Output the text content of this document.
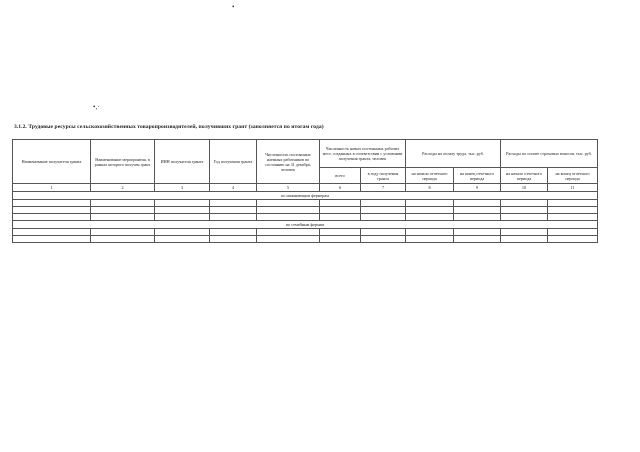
•
•,·
3.1.2. Трудовые ресурсы сельскохозяйственных товаропроизводителей, получивших грант (заполняется по итогам года)
Наименование получателя гранта	Наименование мероприятия, в рамках которого получен грант	ИНН получателя гранта	Год получения гранта	Численность постоянных наемных работников по состоянию на 31 декабря, человек	Численность новых постоянных рабочих мест, созданных в соответствии с условиями получения гранта, человек		Расходы на оплату труда, тыс. руб.		Расходы по оплате страховых взносов, тыс. руб.	
					всего	в году получения гранта	на начало отчетного периода	на конец отчетного периода	на начало отчетного периода	на конец отчетного периода
1	2	3	4	5	6	7	8	9	10	11
по начинающим фермерам										

по семейным фермам										
